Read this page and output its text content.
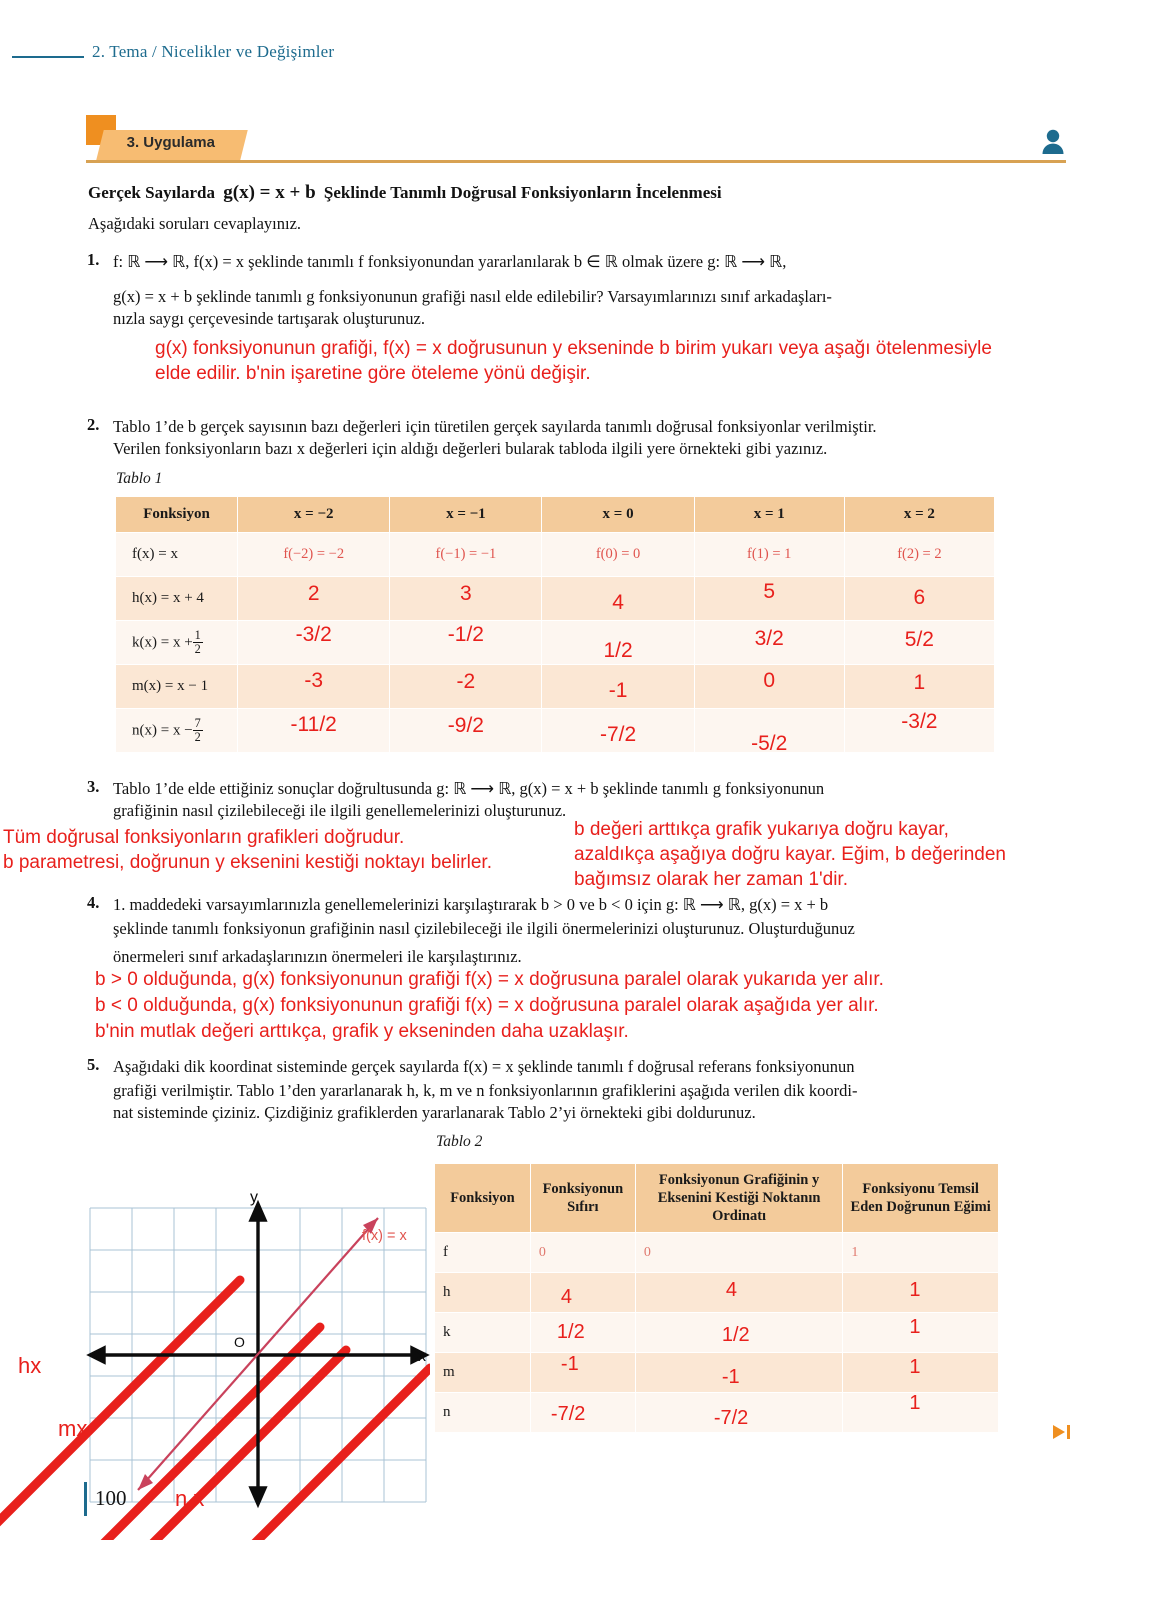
2. Tema / Nicelikler ve Değişimler
3. Uygulama
Gerçek Sayılarda g(x) = x + b Şeklinde Tanımlı Doğrusal Fonksiyonların İncelenmesi
Aşağıdaki soruları cevaplayınız.
1. f: ℝ ⟶ ℝ, f(x) = x şeklinde tanımlı f fonksiyonundan yararlanılarak b ∈ ℝ olmak üzere g: ℝ ⟶ ℝ,
g(x) = x + b şeklinde tanımlı g fonksiyonunun grafiği nasıl elde edilebilir? Varsayımlarınızı sınıf arkadaşları-
nızla saygı çerçevesinde tartışarak oluşturunuz.
g(x) fonksiyonunun grafiği, f(x) = x doğrusunun y ekseninde b birim yukarı veya aşağı ötelenmesiyle
elde edilir. b'nin işaretine göre öteleme yönü değişir.
2. Tablo 1’de b gerçek sayısının bazı değerleri için türetilen gerçek sayılarda tanımlı doğrusal fonksiyonlar verilmiştir.
Verilen fonksiyonların bazı x değerleri için aldığı değerleri bularak tabloda ilgili yere örnekteki gibi yazınız.
Tablo 1
Fonksiyon	x = −2	x = −1	x = 0	x = 1	x = 2
f(x) = x	f(−2) = −2	f(−1) = −1	f(0) = 0	f(1) = 1	f(2) = 2
h(x) = x + 4	2	3	4	5	6
$k(x) = x + \frac{1}{2}$	-3/2	-1/2	1/2	3/2	5/2
m(x) = x − 1	-3	-2	-1	0	1
$n(x) = x - \frac{7}{2}$	-11/2	-9/2	-7/2	-5/2	-3/2
3. Tablo 1’de elde ettiğiniz sonuçlar doğrultusunda g: ℝ ⟶ ℝ, g(x) = x + b şeklinde tanımlı g fonksiyonunun
grafiğinin nasıl çizilebileceği ile ilgili genellemelerinizi oluşturunuz.
Tüm doğrusal fonksiyonların grafikleri doğrudur.
b parametresi, doğrunun y eksenini kestiği noktayı belirler.
b değeri arttıkça grafik yukarıya doğru kayar,
azaldıkça aşağıya doğru kayar. Eğim, b değerinden
bağımsız olarak her zaman 1'dir.
4. 1. maddedeki varsayımlarınızla genellemelerinizi karşılaştırarak b > 0 ve b < 0 için g: ℝ ⟶ ℝ, g(x) = x + b
şeklinde tanımlı fonksiyonun grafiğinin nasıl çizilebileceği ile ilgili önermelerinizi oluşturunuz. Oluşturduğunuz
önermeleri sınıf arkadaşlarınızın önermeleri ile karşılaştırınız.
b > 0 olduğunda, g(x) fonksiyonunun grafiği f(x) = x doğrusuna paralel olarak yukarıda yer alır.
b < 0 olduğunda, g(x) fonksiyonunun grafiği f(x) = x doğrusuna paralel olarak aşağıda yer alır.
b'nin mutlak değeri arttıkça, grafik y ekseninden daha uzaklaşır.
5. Aşağıdaki dik koordinat sisteminde gerçek sayılarda f(x) = x şeklinde tanımlı f doğrusal referans fonksiyonunun
grafiği verilmiştir. Tablo 1’den yararlanarak h, k, m ve n fonksiyonlarının grafiklerini aşağıda verilen dik koordi-
nat sisteminde çiziniz. Çizdiğiniz grafiklerden yararlanarak Tablo 2’yi örnekteki gibi doldurunuz.
y
x
O
f(x) = x
hx
mx
n x
Tablo 2
Fonksiyon	Fonksiyonun Sıfırı	Fonksiyonun Grafiğinin y Eksenini Kestiği Noktanın Ordinatı	Fonksiyonu Temsil Eden Doğrunun Eğimi
f	0	0	1
h	4	4	1
k	1/2	1/2	1
m	-1	-1	1
n	-7/2	-7/2	1
100
